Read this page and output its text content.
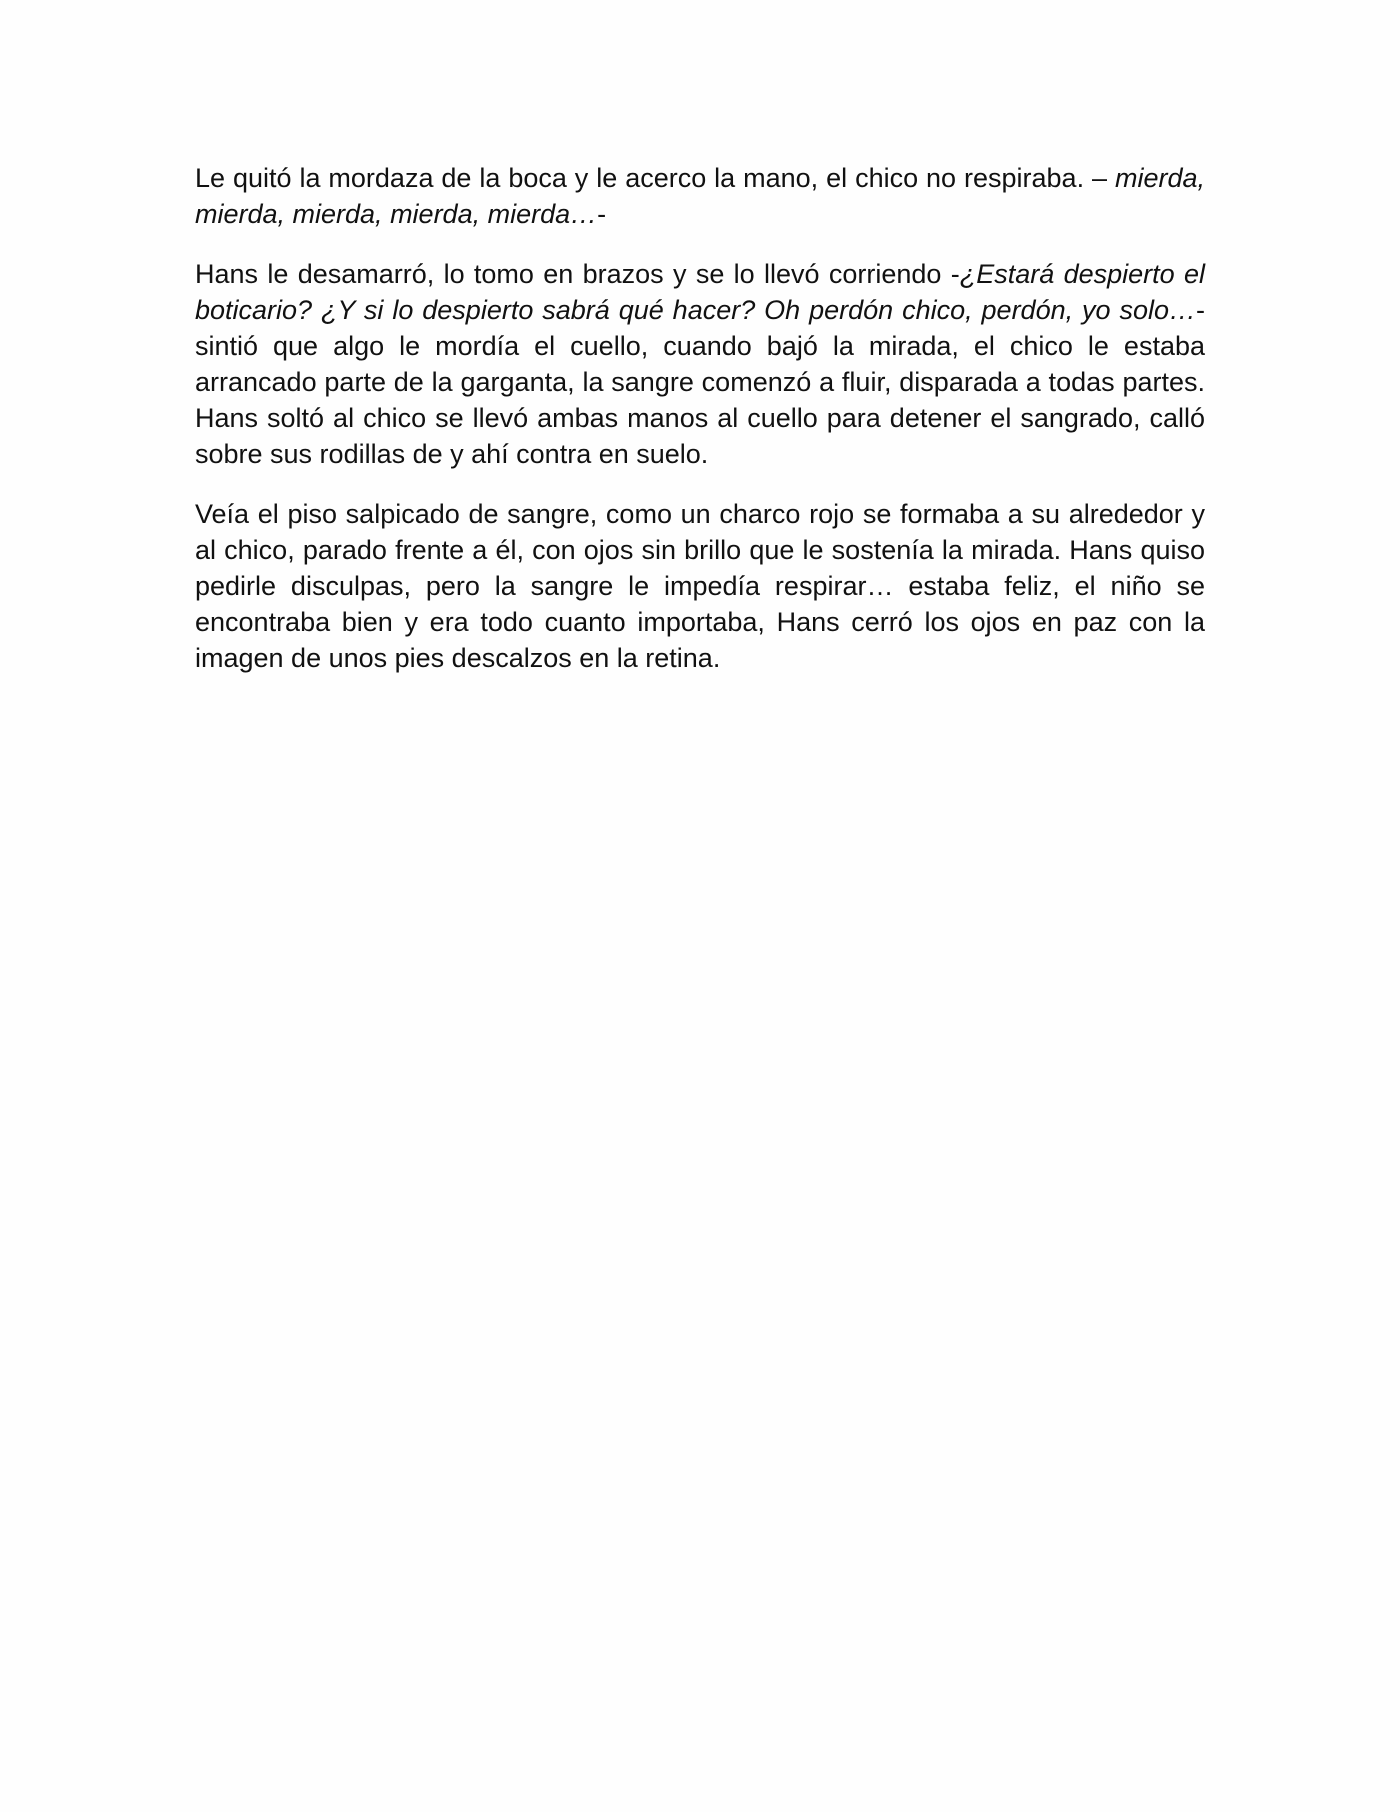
Le quitó la mordaza de la boca y le acerco la mano, el chico no respiraba. – mierda, mierda, mierda, mierda, mierda…-

Hans le desamarró, lo tomo en brazos y se lo llevó corriendo -¿Estará despierto el boticario? ¿Y si lo despierto sabrá qué hacer? Oh perdón chico, perdón, yo solo…- sintió que algo le mordía el cuello, cuando bajó la mirada, el chico le estaba arrancado parte de la garganta, la sangre comenzó a fluir, disparada a todas partes. Hans soltó al chico se llevó ambas manos al cuello para detener el sangrado, calló sobre sus rodillas de y ahí contra en suelo.

Veía el piso salpicado de sangre, como un charco rojo se formaba a su alrededor y al chico, parado frente a él, con ojos sin brillo que le sostenía la mirada. Hans quiso pedirle disculpas, pero la sangre le impedía respirar… estaba feliz, el niño se encontraba bien y era todo cuanto importaba, Hans cerró los ojos en paz con la imagen de unos pies descalzos en la retina.
